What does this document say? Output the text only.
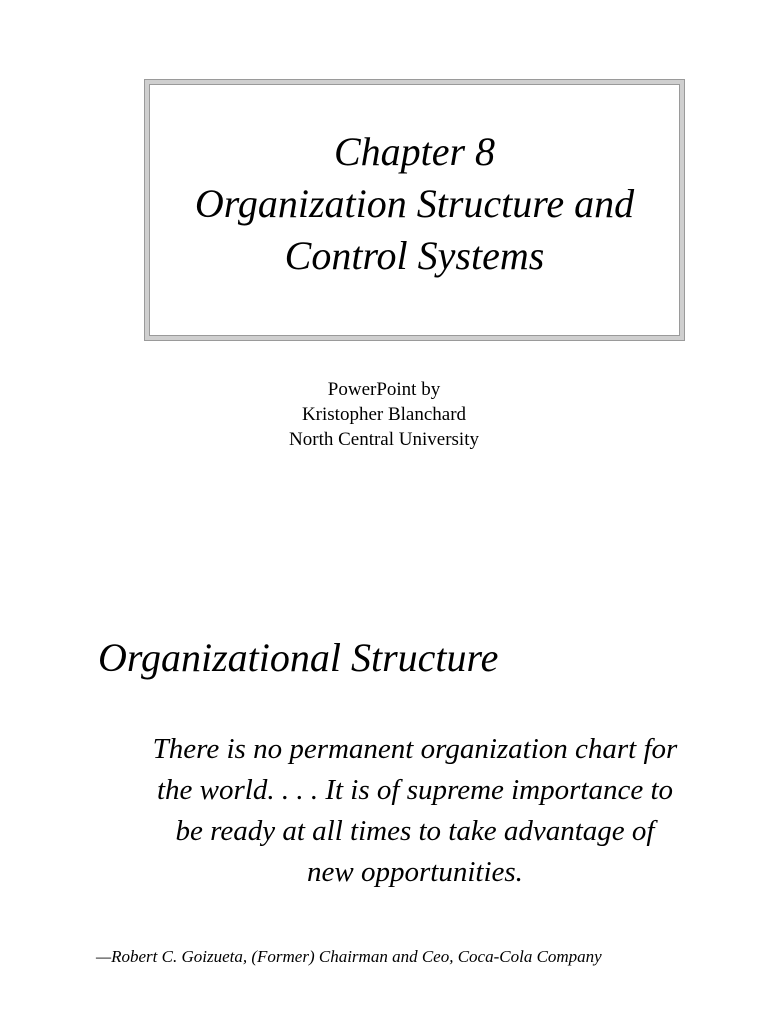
Chapter 8
Organization Structure and
Control Systems
PowerPoint by
Kristopher Blanchard
North Central University
Organizational Structure
There is no permanent organization chart for
the world. . . . It is of supreme importance to
be ready at all times to take advantage of
new opportunities.
—Robert C. Goizueta, (Former) Chairman and Ceo, Coca-Cola Company
